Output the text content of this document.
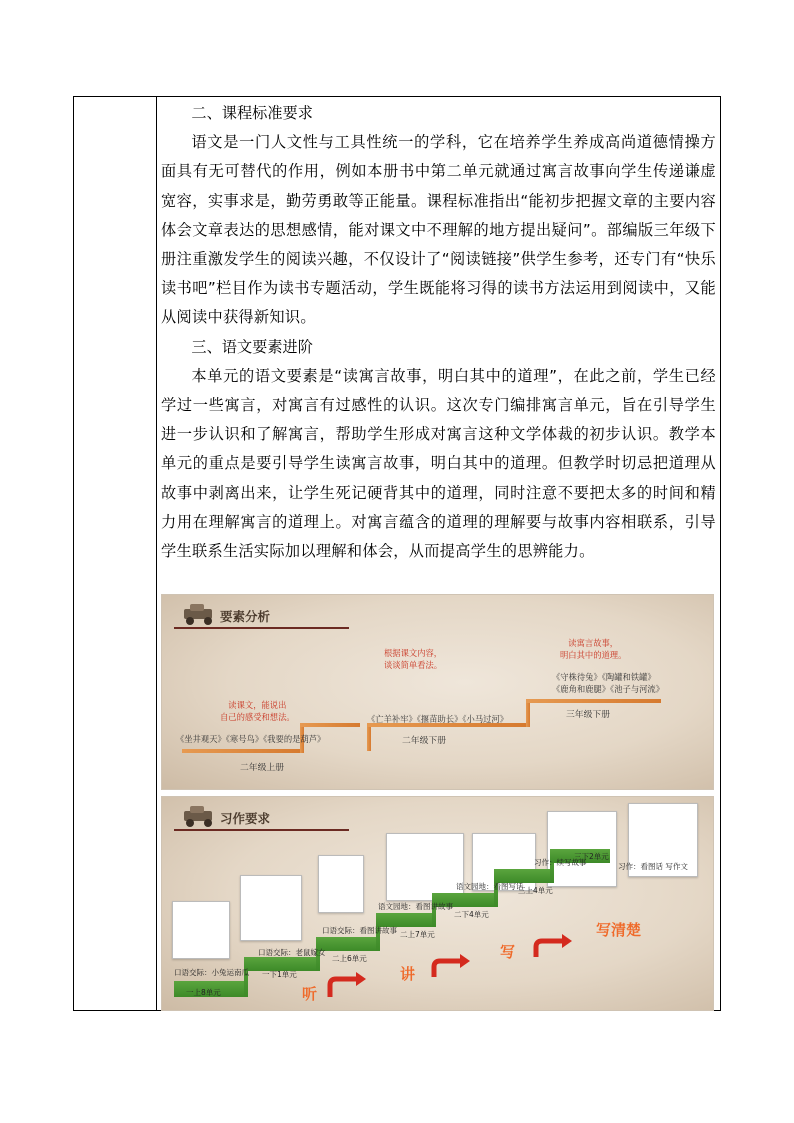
二、课程标准要求

语文是一门人文性与工具性统一的学科，它在培养学生养成高尚道德情操方面具有无可替代的作用，例如本册书中第二单元就通过寓言故事向学生传递谦虚宽容，实事求是，勤劳勇敢等正能量。课程标准指出“能初步把握文章的主要内容体会文章表达的思想感情，能对课文中不理解的地方提出疑问”。部编版三年级下册注重激发学生的阅读兴趣，不仅设计了“阅读链接”供学生参考，还专门有“快乐读书吧”栏目作为读书专题活动，学生既能将习得的读书方法运用到阅读中，又能从阅读中获得新知识。

三、语文要素进阶

本单元的语文要素是“读寓言故事，明白其中的道理”，在此之前，学生已经学过一些寓言，对寓言有过感性的认识。这次专门编排寓言单元，旨在引导学生进一步认识和了解寓言，帮助学生形成对寓言这种文学体裁的初步认识。教学本单元的重点是要引导学生读寓言故事，明白其中的道理。但教学时切忌把道理从故事中剥离出来，让学生死记硬背其中的道理，同时注意不要把太多的时间和精力用在理解寓言的道理上。对寓言蕴含的道理的理解要与故事内容相联系，引导学生联系生活实际加以理解和体会，从而提高学生的思辨能力。

要素分析
读课文，能说出
自己的感受和想法。
《坐井观天》《寒号鸟》《我要的是葫芦》
二年级上册
根据课文内容，
谈谈简单看法。
《亡羊补牢》《揠苗助长》《小马过河》
二年级下册
读寓言故事，
明白其中的道理。
《守株待兔》《陶罐和铁罐》
《鹿角和鹿腿》《池子与河流》
三年级下册
习作要求
口语交际：小兔运南瓜
一上8单元
口语交际：老鼠嫁女
一下1单元
口语交际：看图讲故事
二上6单元
语文园地：看图讲故事
二上7单元
语文园地：看图写话
二下4单元
习作：续写故事
三上4单元
习作：看图话 写作文
三下2单元
听
讲
写
写清楚
